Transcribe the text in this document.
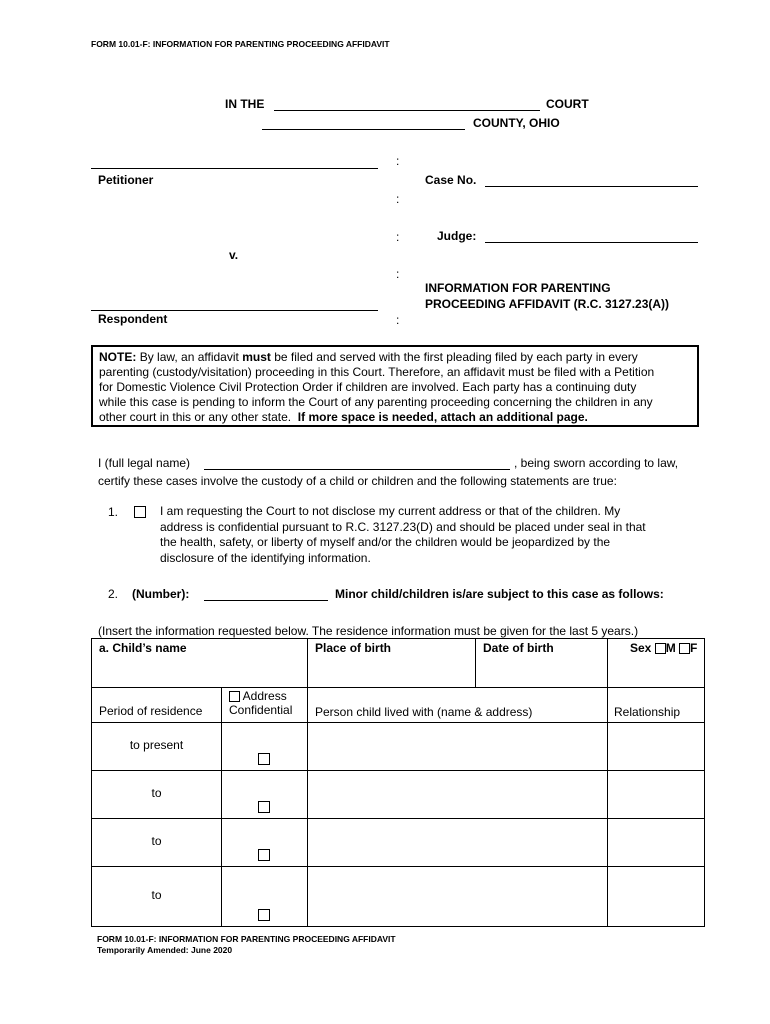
FORM 10.01-F: INFORMATION FOR PARENTING PROCEEDING AFFIDAVIT
IN THE	COURT
COUNTY, OHIO
Petitioner
v.
Respondent
:
:
:
:
:
Case No.
Judge:
INFORMATION FOR PARENTING
PROCEEDING AFFIDAVIT (R.C. 3127.23(A))
NOTE: By law, an affidavit must be filed and served with the first pleading filed by each party in every
parenting (custody/visitation) proceeding in this Court. Therefore, an affidavit must be filed with a Petition
for Domestic Violence Civil Protection Order if children are involved. Each party has a continuing duty
while this case is pending to inform the Court of any parenting proceeding concerning the children in any
other court in this or any other state. If more space is needed, attach an additional page.
I (full legal name)	, being sworn according to law,
certify these cases involve the custody of a child or children and the following statements are true:
1.	I am requesting the Court to not disclose my current address or that of the children. My
address is confidential pursuant to R.C. 3127.23(D) and should be placed under seal in that
the health, safety, or liberty of myself and/or the children would be jeopardized by the
disclosure of the identifying information.
2. (Number):	Minor child/children is/are subject to this case as follows:
(Insert the information requested below. The residence information must be given for the last 5 years.)
a. Child’s name		Place of birth	Date of birth	Sex M F

Period of residence	Address
Confidential	Person child lived with (name & address)		Relationship

to present				

to				

to				

to				

FORM 10.01-F: INFORMATION FOR PARENTING PROCEEDING AFFIDAVIT
Temporarily Amended: June 2020
